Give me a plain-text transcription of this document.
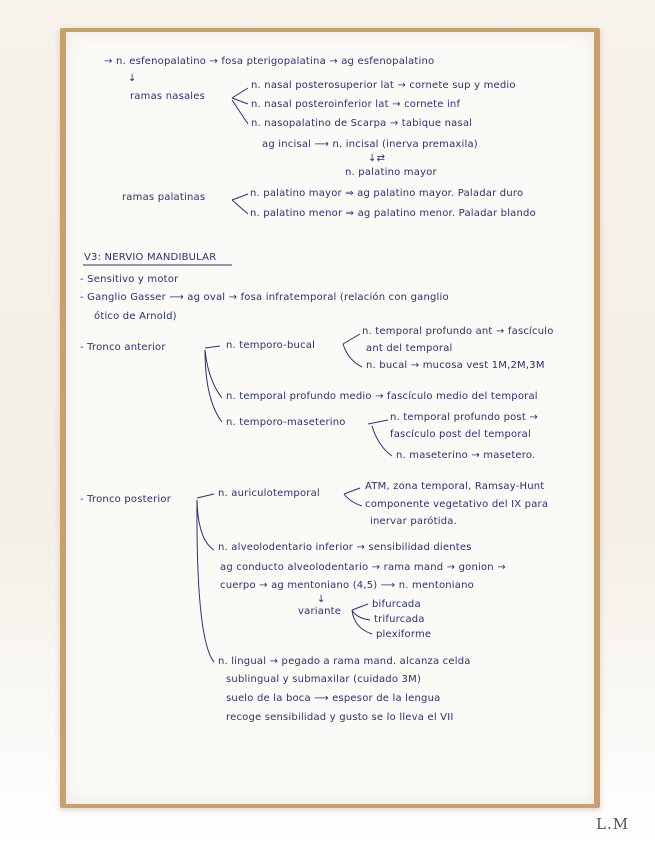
→ n. esfenopalatino → fosa pterigopalatina → ag esfenopalatino
↓
ramas nasales
n. nasal posterosuperior lat → cornete sup y medio
n. nasal posteroinferior lat → cornete inf
n. nasopalatino de Scarpa → tabique nasal
ag incisal ⟶ n. incisal (inerva premaxila)
↓⇄
n. palatino mayor
ramas palatinas	n. palatino mayor ⇒ ag palatino mayor. Paladar duro
n. palatino menor ⇒ ag palatino menor. Paladar blando
V3: NERVIO MANDIBULAR
- Sensitivo y motor
- Ganglio Gasser ⟶ ag oval → fosa infratemporal (relación con ganglio
ótico de Arnold)
- Tronco anterior	n. temporo-bucal
n. temporal profundo ant → fascículo
ant del temporal
n. bucal → mucosa vest 1M,2M,3M
n. temporal profundo medio → fascículo medio del temporal
n. temporo-maseterino	n. temporal profundo post →
fascículo post del temporal
n. maseterino → masetero.
- Tronco posterior
n. auriculotemporal
ATM, zona temporal, Ramsay-Hunt
componente vegetativo del IX para
inervar parótida.
n. alveolodentario inferior → sensibilidad dientes
ag conducto alveolodentario → rama mand → gonion →
cuerpo → ag mentoniano (4,5) ⟶ n. mentoniano
↓
variante
bifurcada
trifurcada
plexiforme
n. lingual → pegado a rama mand. alcanza celda
sublingual y submaxilar (cuidado 3M)
suelo de la boca ⟶ espesor de la lengua
recoge sensibilidad y gusto se lo lleva el VII
L.M
